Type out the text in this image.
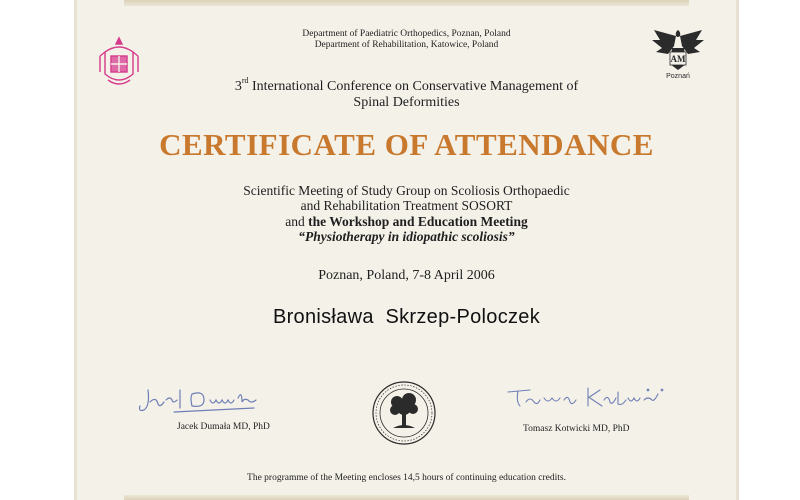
AM
Poznań
Department of Paediatric Orthopedics, Poznan, Poland
Department of Rehabilitation, Katowice, Poland
3rd International Conference on Conservative Management of
Spinal Deformities
CERTIFICATE OF ATTENDANCE
Scientific Meeting of Study Group on Scoliosis Orthopaedic
and Rehabilitation Treatment SOSORT
and the Workshop and Education Meeting
“Physiotherapy in idiopathic scoliosis”
Poznan, Poland, 7-8 April 2006
Bronisława  Skrzep-Poloczek
Jacek Dumała MD, PhD	Tomasz Kotwicki MD, PhD
The programme of the Meeting encloses 14,5 hours of continuing education credits.
